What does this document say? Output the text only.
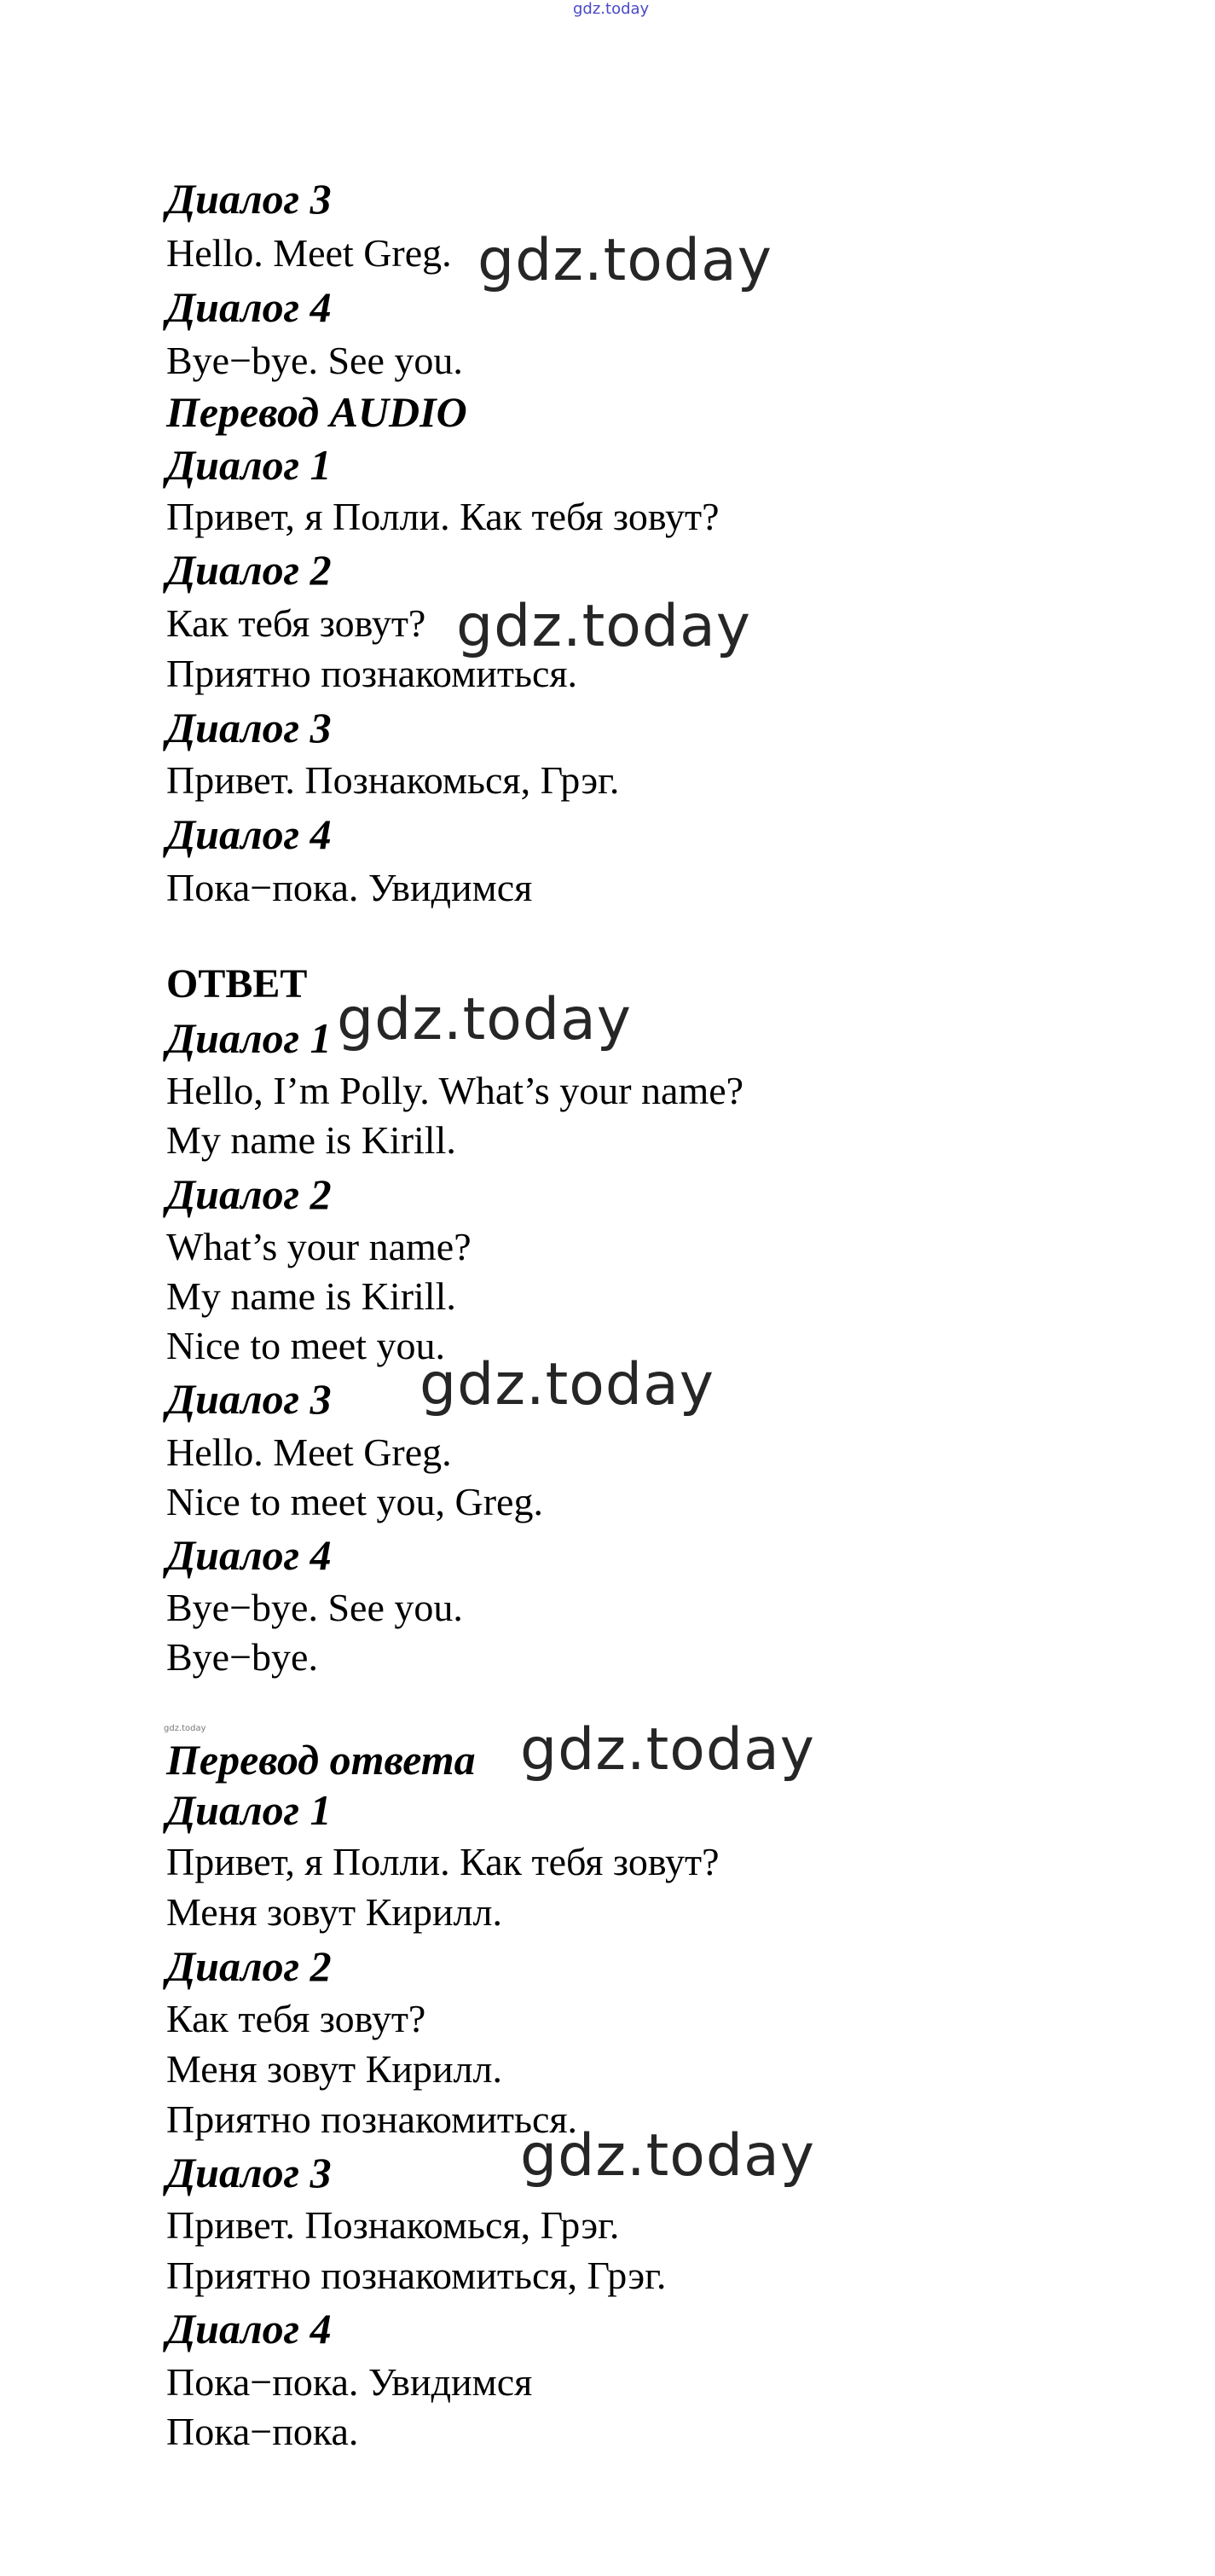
gdz.today
Диалог 3
Hello. Meet Greg.
Диалог 4
Bye−bye. See you.
Перевод AUDIO
Диалог 1
Привет, я Полли. Как тебя зовут?
Диалог 2
Как тебя зовут?
Приятно познакомиться.
Диалог 3
Привет. Познакомься, Грэг.
Диалог 4
Пока−пока. Увидимся
ОТВЕТ
Диалог 1
Hello, I’m Polly. What’s your name?
My name is Kirill.
Диалог 2
What’s your name?
My name is Kirill.
Nice to meet you.
Диалог 3
Hello. Meet Greg.
Nice to meet you, Greg.
Диалог 4
Bye−bye. See you.
Bye−bye.
gdz.today
Перевод ответа
Диалог 1
Привет, я Полли. Как тебя зовут?
Меня зовут Кирилл.
Диалог 2
Как тебя зовут?
Меня зовут Кирилл.
Приятно познакомиться.
Диалог 3
Привет. Познакомься, Грэг.
Приятно познакомиться, Грэг.
Диалог 4
Пока−пока. Увидимся
Пока−пока.
gdz.today
gdz.today
gdz.today
gdz.today
gdz.today
gdz.today
